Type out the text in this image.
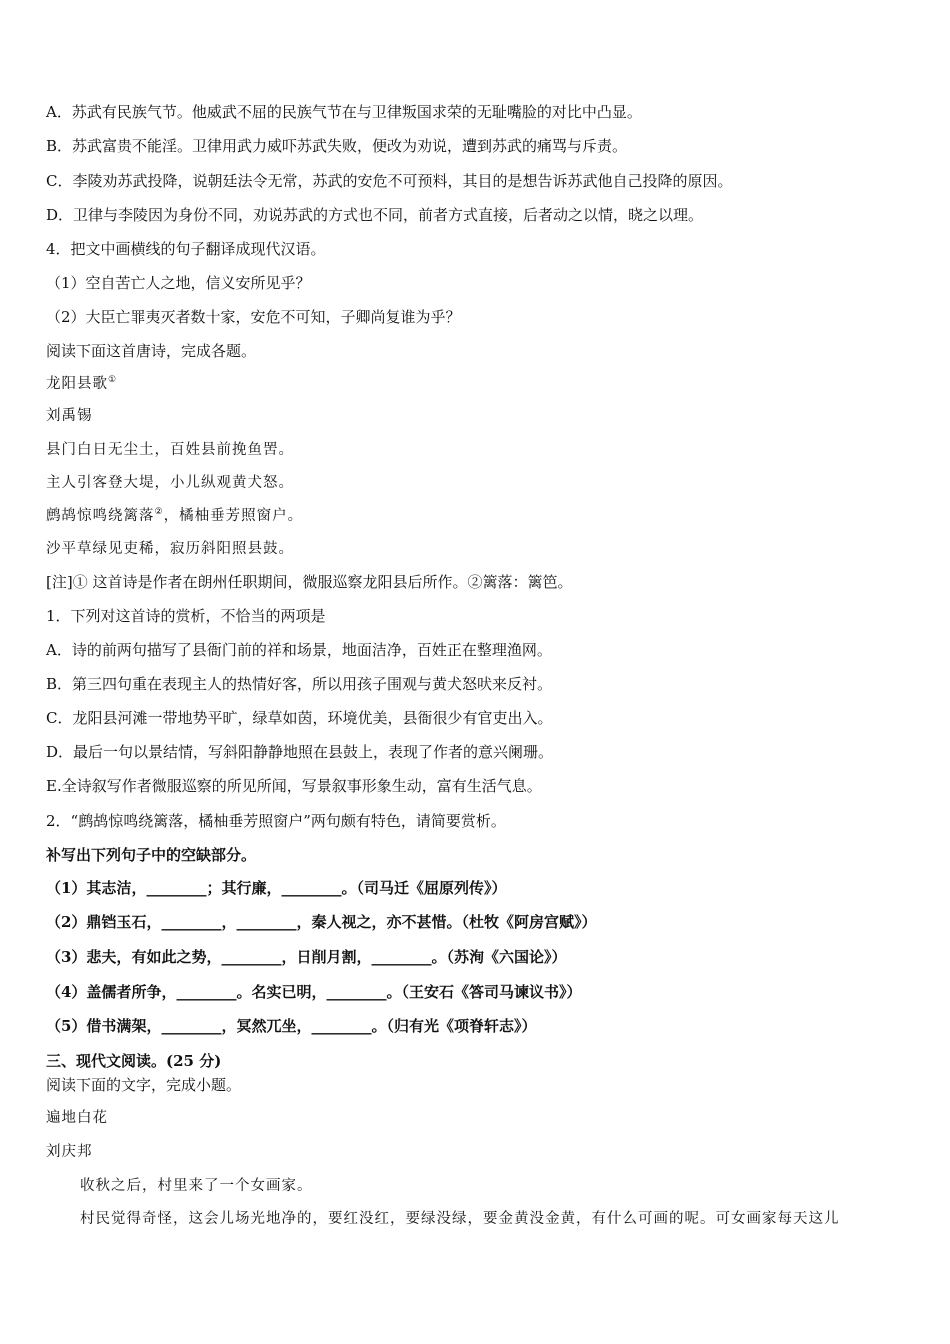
A．苏武有民族气节。他威武不屈的民族气节在与卫律叛国求荣的无耻嘴脸的对比中凸显。
B．苏武富贵不能淫。卫律用武力威吓苏武失败，便改为劝说，遭到苏武的痛骂与斥责。
C．李陵劝苏武投降，说朝廷法令无常，苏武的安危不可预料，其目的是想告诉苏武他自己投降的原因。
D．卫律与李陵因为身份不同，劝说苏武的方式也不同，前者方式直接，后者动之以情，晓之以理。
4．把文中画横线的句子翻译成现代汉语。
（1）空自苦亡人之地，信义安所见乎？
（2）大臣亡罪夷灭者数十家，安危不可知，子卿尚复谁为乎？
阅读下面这首唐诗，完成各题。
龙阳县歌①
刘禹锡
县门白日无尘土，百姓县前挽鱼罟。
主人引客登大堤，小儿纵观黄犬怒。
鹧鸪惊鸣绕篱落②，橘柚垂芳照窗户。
沙平草绿见吏稀，寂历斜阳照县鼓。
[注]① 这首诗是作者在朗州任职期间，微服巡察龙阳县后所作。②篱落：篱笆。
1．下列对这首诗的赏析，不恰当的两项是
A．诗的前两句描写了县衙门前的祥和场景，地面洁净，百姓正在整理渔网。
B．第三四句重在表现主人的热情好客，所以用孩子围观与黄犬怒吠来反衬。
C．龙阳县河滩一带地势平旷，绿草如茵，环境优美，县衙很少有官吏出入。
D．最后一句以景结情，写斜阳静静地照在县鼓上，表现了作者的意兴阑珊。
E.全诗叙写作者微服巡察的所见所闻，写景叙事形象生动，富有生活气息。
2．“鹧鸪惊鸣绕篱落，橘柚垂芳照窗户”两句颇有特色，请简要赏析。
补写出下列句子中的空缺部分。
（1）其志洁，________；其行廉，________。（司马迁《屈原列传》）
（2）鼎铛玉石，________，________，秦人视之，亦不甚惜。（杜牧《阿房宫赋》）
（3）悲夫，有如此之势，________，日削月割，________。（苏洵《六国论》）
（4）盖儒者所争，________。名实已明，________。（王安石《答司马谏议书》）
（5）借书满架，________，冥然兀坐，________。（归有光《项脊轩志》）
三、现代文阅读。(25 分)
阅读下面的文字，完成小题。
遍地白花
刘庆邦
收秋之后，村里来了一个女画家。
村民觉得奇怪，这会儿场光地净的，要红没红，要绿没绿，要金黄没金黄，有什么可画的呢。可女画家每天这儿
